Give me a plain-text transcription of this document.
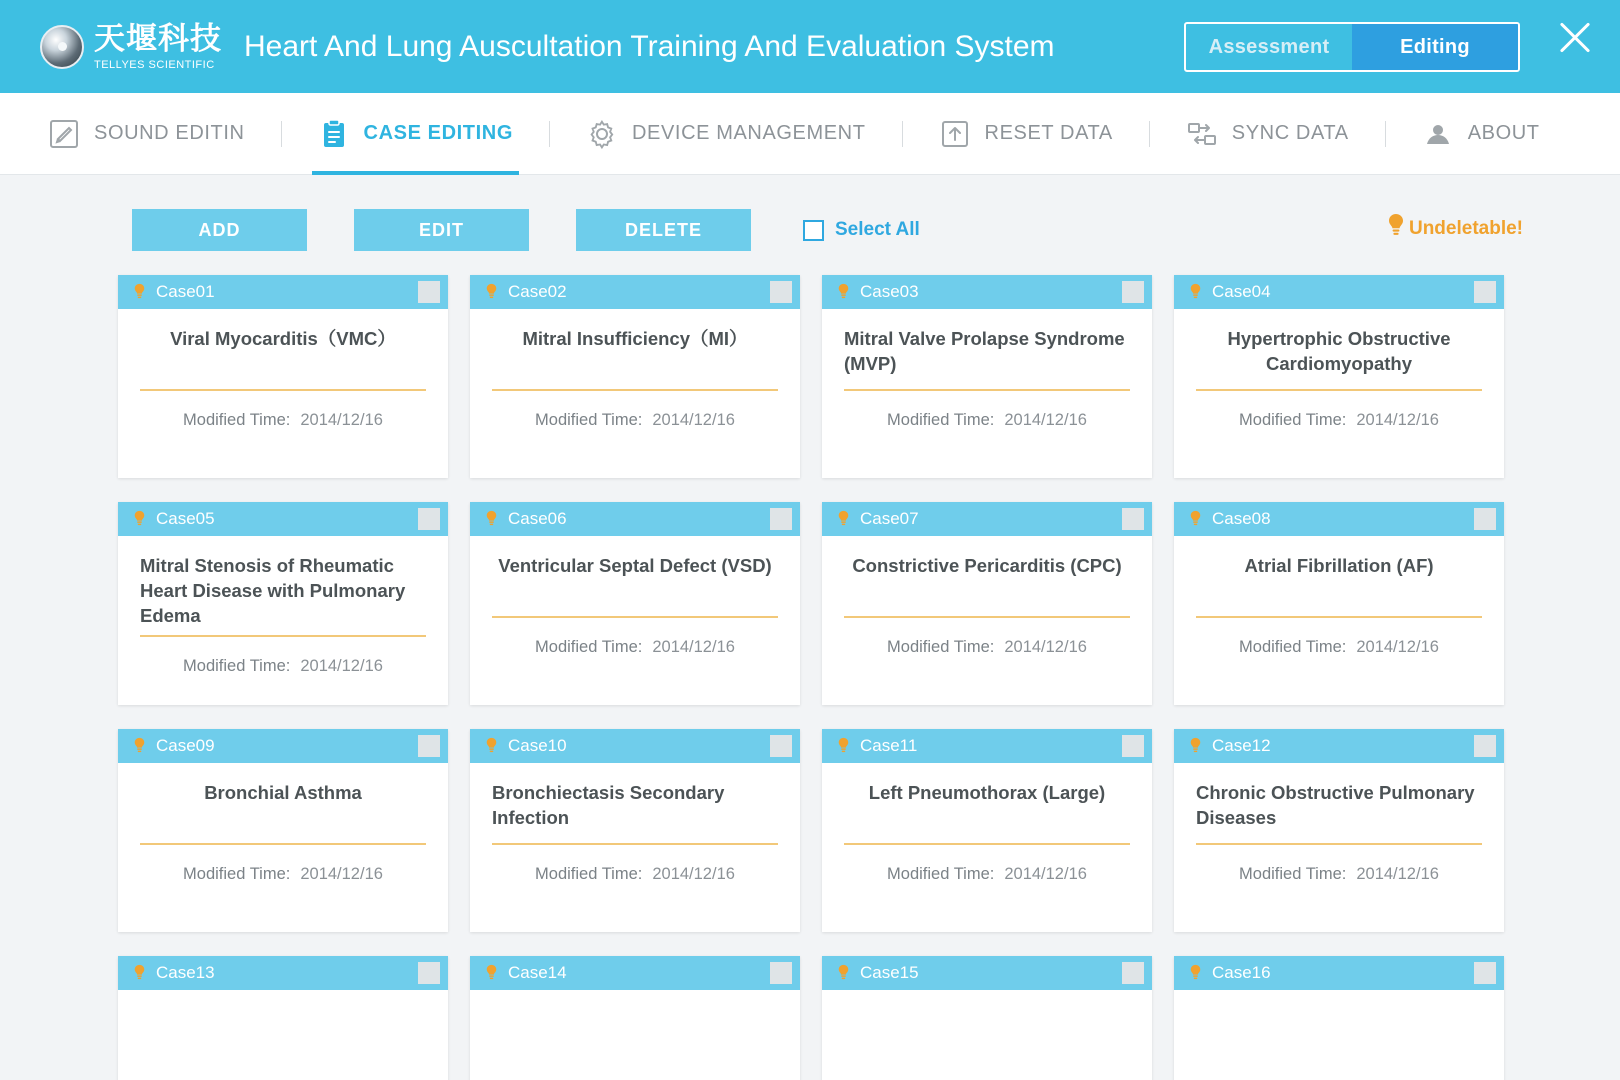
天堰科技
TELLYES SCIENTIFIC
Heart And Lung Auscultation Training And Evaluation System	Assessment	Editing
SOUND EDITIN	CASE EDITING	DEVICE MANAGEMENT	RESET DATA	SYNC DATA	ABOUT
ADD	EDIT	DELETE	Select All	Undeletable!
Case01
Viral Myocarditis（VMC）
Modified Time: 2014/12/16
Case02
Mitral Insufficiency（MI）
Modified Time: 2014/12/16
Case03
Mitral Valve Prolapse Syndrome (MVP)
Modified Time: 2014/12/16
Case04
Hypertrophic Obstructive Cardiomyopathy
Modified Time: 2014/12/16
Case05
Mitral Stenosis of Rheumatic Heart Disease with Pulmonary Edema
Modified Time: 2014/12/16
Case06
Ventricular Septal Defect (VSD)
Modified Time: 2014/12/16
Case07
Constrictive Pericarditis (CPC)
Modified Time: 2014/12/16
Case08
Atrial Fibrillation (AF)
Modified Time: 2014/12/16
Case09
Bronchial Asthma
Modified Time: 2014/12/16
Case10
Bronchiectasis Secondary Infection
Modified Time: 2014/12/16
Case11
Left Pneumothorax (Large)
Modified Time: 2014/12/16
Case12
Chronic Obstructive Pulmonary Diseases
Modified Time: 2014/12/16
Case13	Case14	Case15	Case16
